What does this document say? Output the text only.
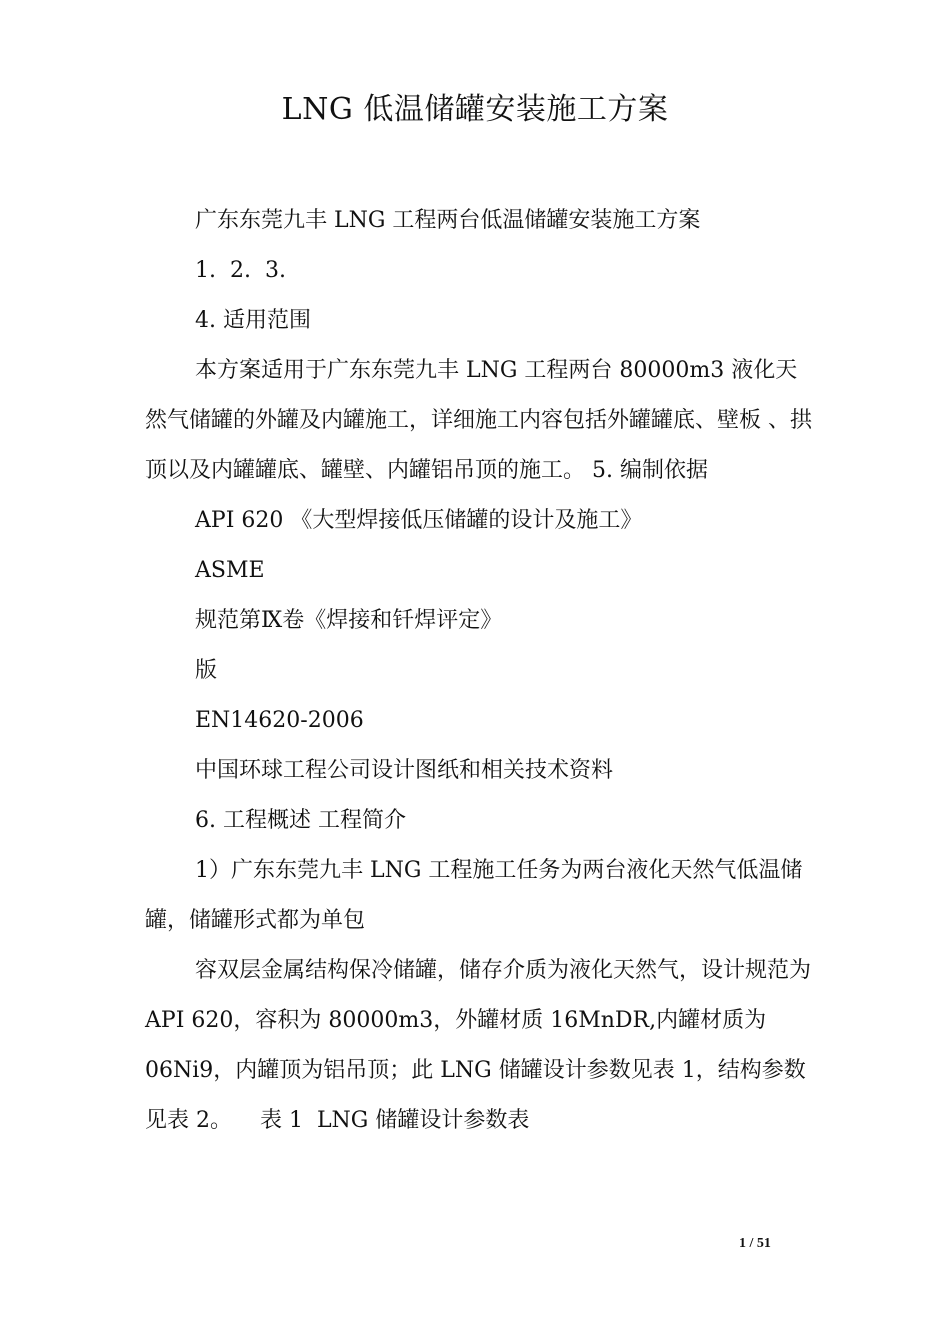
LNG 低温储罐安装施工方案

广东东莞九丰 LNG 工程两台低温储罐安装施工方案

1.  2.  3.

4. 适用范围

本方案适用于广东东莞九丰 LNG 工程两台 80000m3 液化天然气储罐的外罐及内罐施工，详细施工内容包括外罐罐底、壁板 、拱顶以及内罐罐底、罐壁、内罐铝吊顶的施工。 5. 编制依据

API 620 《大型焊接低压储罐的设计及施工》

ASME

规范第Ⅸ卷《焊接和钎焊评定》

版

EN14620-2006

中国环球工程公司设计图纸和相关技术资料

6. 工程概述 工程简介

1）广东东莞九丰 LNG 工程施工任务为两台液化天然气低温储罐，储罐形式都为单包

容双层金属结构保冷储罐，储存介质为液化天然气，设计规范为 API 620，容积为 80000m3，外罐材质 16MnDR,内罐材质为 06Ni9，内罐顶为铝吊顶；此 LNG 储罐设计参数见表 1，结构参数见表 2。    表 1  LNG 储罐设计参数表

1 / 51
